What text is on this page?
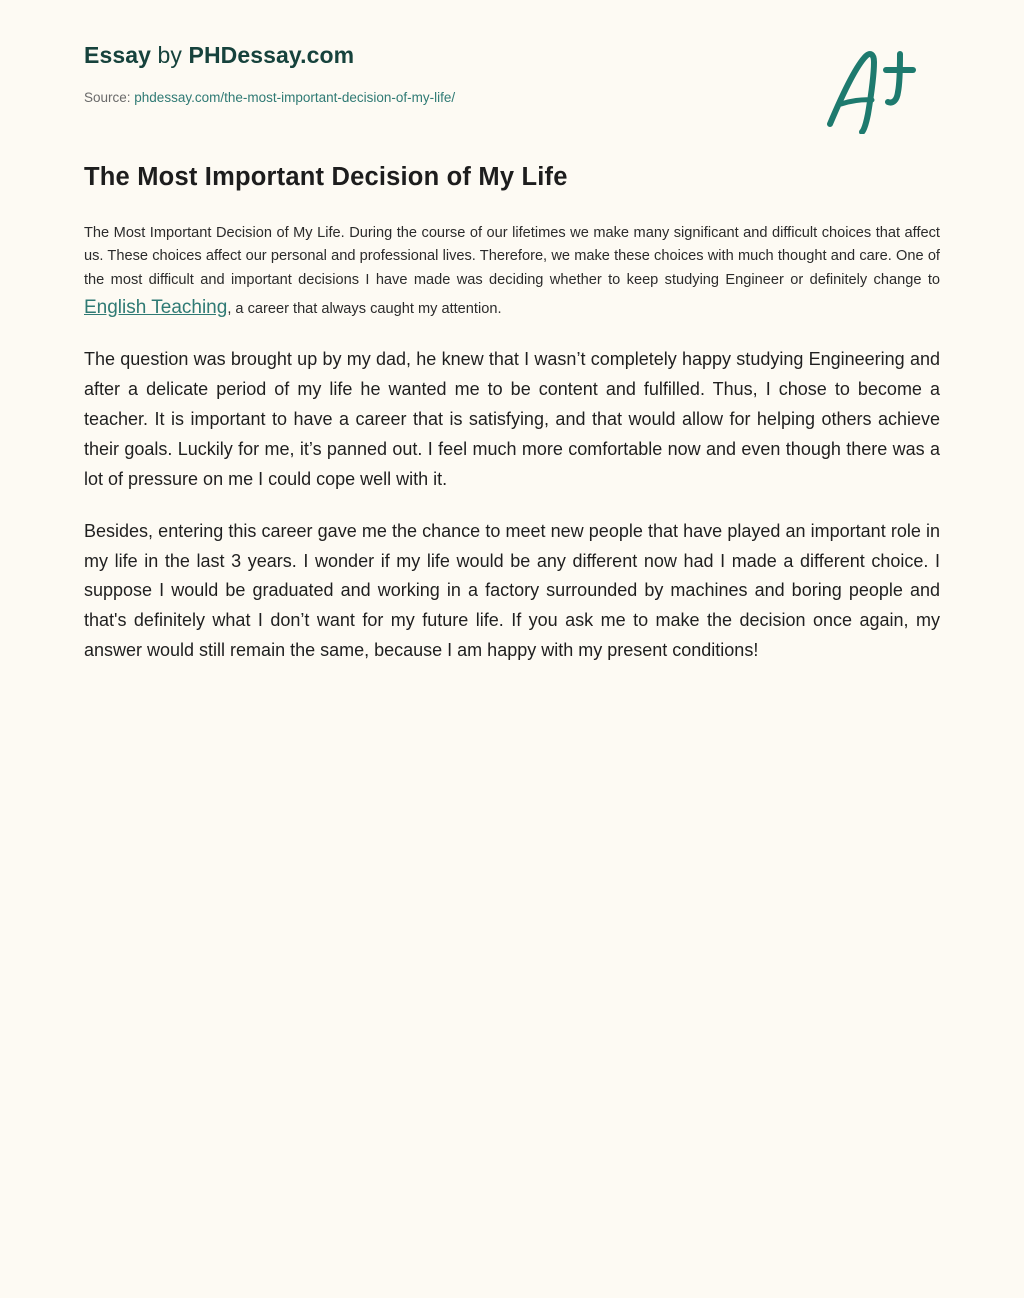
Essay by PHDessay.com
Source: phdessay.com/the-most-important-decision-of-my-life/
The Most Important Decision of My Life

The Most Important Decision of My Life. During the course of our lifetimes we make many significant and difficult choices that affect us. These choices affect our personal and professional lives. Therefore, we make these choices with much thought and care. One of the most difficult and important decisions I have made was deciding whether to keep studying Engineer or definitely change to English Teaching, a career that always caught my attention.

The question was brought up by my dad, he knew that I wasn’t completely happy studying Engineering and after a delicate period of my life he wanted me to be content and fulfilled. Thus, I chose to become a teacher. It is important to have a career that is satisfying, and that would allow for helping others achieve their goals. Luckily for me, it’s panned out. I feel much more comfortable now and even though there was a lot of pressure on me I could cope well with it.

Besides, entering this career gave me the chance to meet new people that have played an important role in my life in the last 3 years. I wonder if my life would be any different now had I made a different choice. I suppose I would be graduated and working in a factory surrounded by machines and boring people and that's definitely what I don’t want for my future life. If you ask me to make the decision once again, my answer would still remain the same, because I am happy with my present conditions!
